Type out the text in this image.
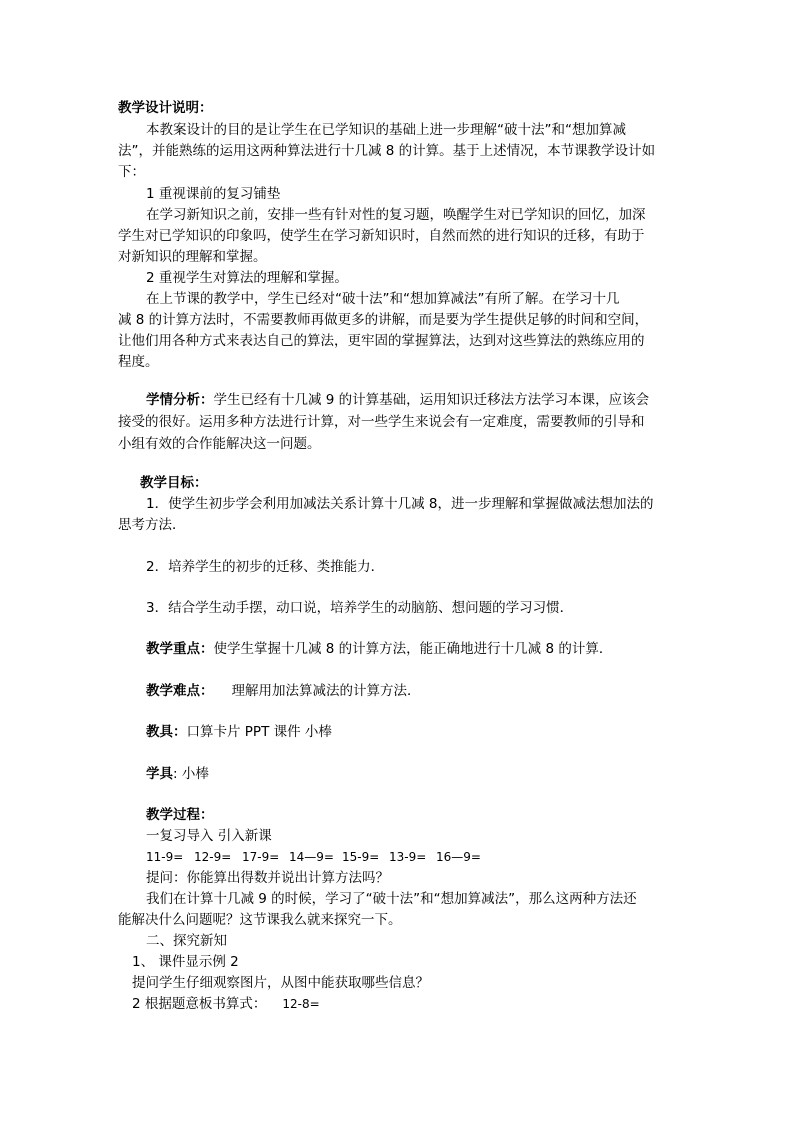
教学设计说明：
本教案设计的目的是让学生在已学知识的基础上进一步理解“破十法”和“想加算减
法”，并能熟练的运用这两种算法进行十几减 8 的计算。基于上述情况，本节课教学设计如
下：
1 重视课前的复习铺垫
在学习新知识之前，安排一些有针对性的复习题，唤醒学生对已学知识的回忆，加深
学生对已学知识的印象吗，使学生在学习新知识时，自然而然的进行知识的迁移，有助于
对新知识的理解和掌握。
2 重视学生对算法的理解和掌握。
在上节课的教学中，学生已经对“破十法”和“想加算减法”有所了解。在学习十几
减 8 的计算方法时，不需要教师再做更多的讲解，而是要为学生提供足够的时间和空间，
让他们用各种方式来表达自己的算法，更牢固的掌握算法，达到对这些算法的熟练应用的
程度。
学情分析：学生已经有十几减 9 的计算基础，运用知识迁移法方法学习本课，应该会
接受的很好。运用多种方法进行计算，对一些学生来说会有一定难度，需要教师的引导和
小组有效的合作能解决这一问题。
教学目标：
1．使学生初步学会利用加减法关系计算十几减 8，进一步理解和掌握做减法想加法的
思考方法．
2．培养学生的初步的迁移、类推能力．
3．结合学生动手摆，动口说，培养学生的动脑筋、想问题的学习习惯．
教学重点：使学生掌握十几减 8 的计算方法，能正确地进行十几减 8 的计算．
教学难点： 理解用加法算减法的计算方法．
教具：口算卡片 PPT 课件 小棒
学具: 小棒
教学过程：
一复习导入 引入新课
11-9= 12-9= 17-9= 14—9= 15-9= 13-9= 16—9=
提问：你能算出得数并说出计算方法吗？
我们在计算十几减 9 的时候，学习了“破十法”和“想加算减法”，那么这两种方法还
能解决什么问题呢？这节课我么就来探究一下。
二、探究新知
1、 课件显示例 2
提问学生仔细观察图片，从图中能获取哪些信息？
2 根据题意板书算式： 12-8=
